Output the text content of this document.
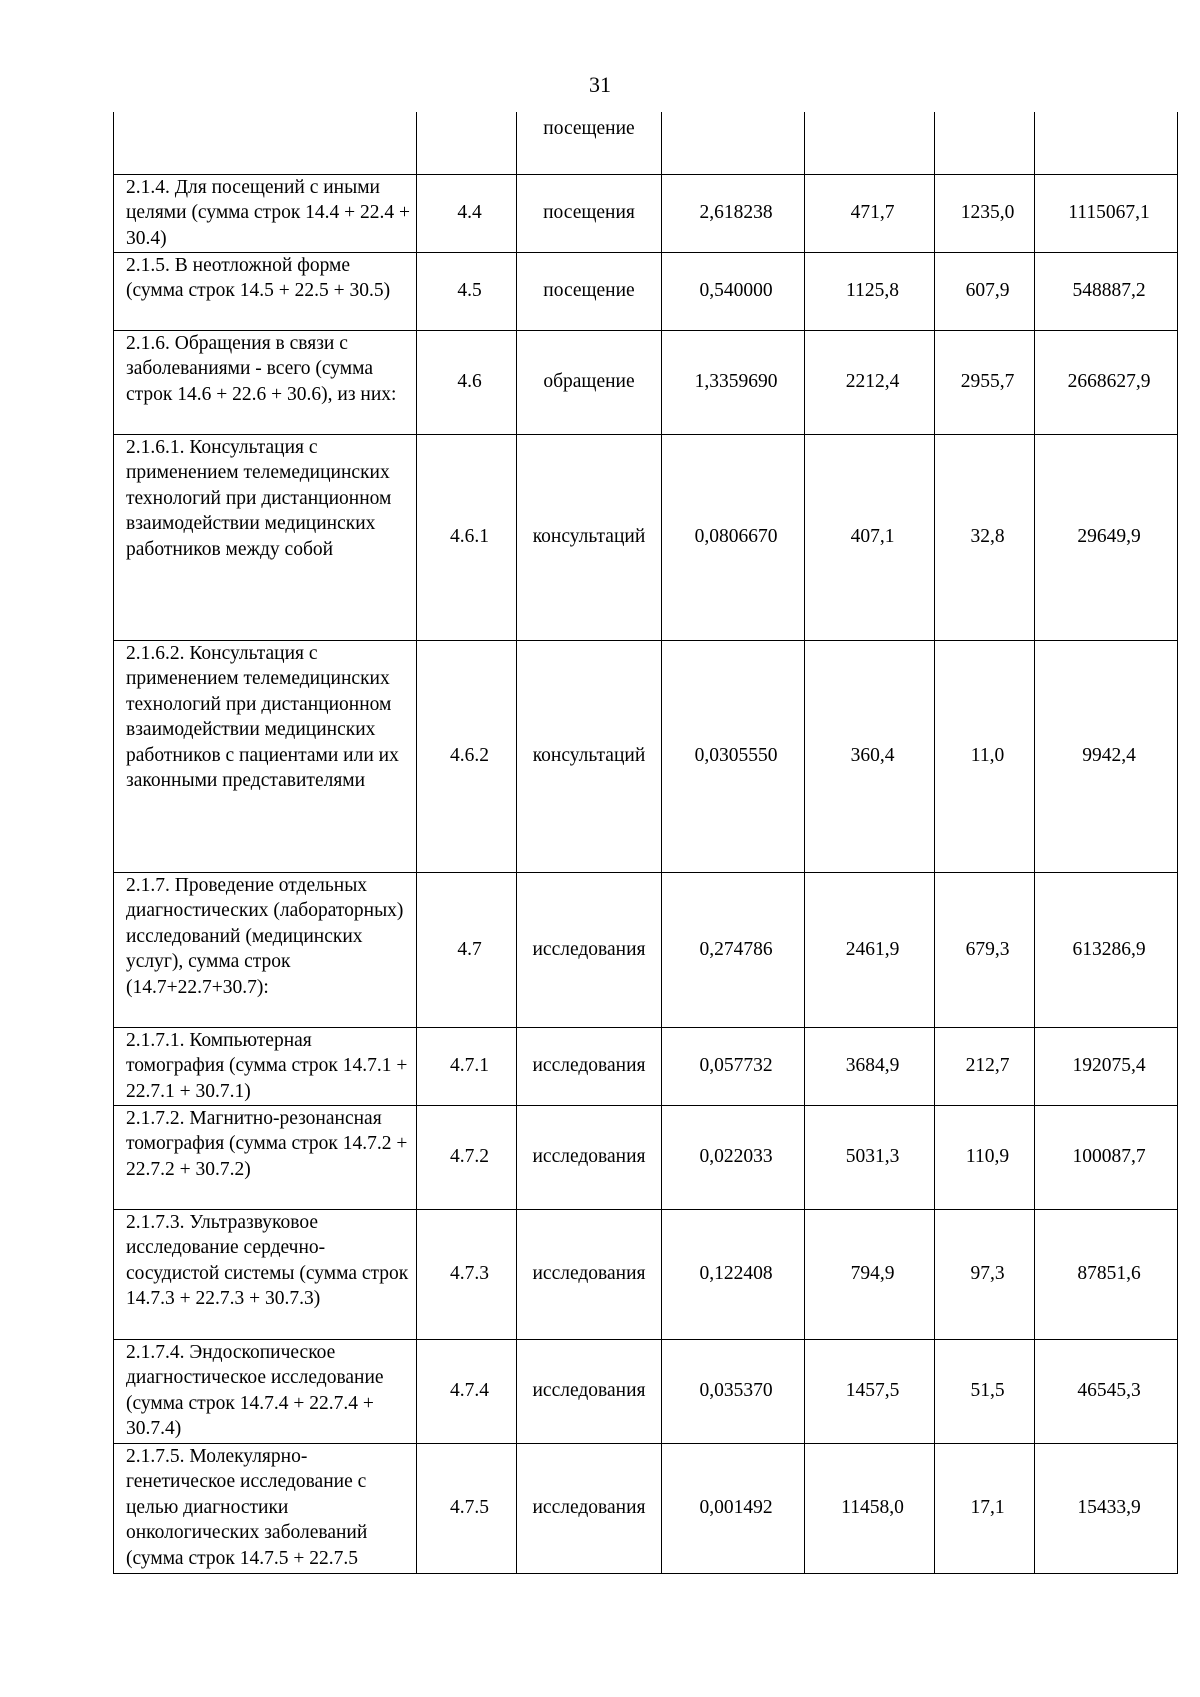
31
		посещение				
2.1.4. Для посещений с иными целями (сумма строк 14.4 + 22.4 + 30.4)	4.4	посещения	2,618238	471,7	1235,0	1115067,1
2.1.5. В неотложной форме (сумма строк 14.5 + 22.5 + 30.5)	4.5	посещение	0,540000	1125,8	607,9	548887,2
2.1.6. Обращения в связи с заболеваниями - всего (сумма строк 14.6 + 22.6 + 30.6), из них:	4.6	обращение	1,3359690	2212,4	2955,7	2668627,9
2.1.6.1. Консультация с применением телемедицинских технологий при дистанционном взаимодействии медицинских работников между собой	4.6.1	консультаций	0,0806670	407,1	32,8	29649,9
2.1.6.2. Консультация с применением телемедицинских технологий при дистанционном взаимодействии медицинских работников с пациентами или их законными представителями	4.6.2	консультаций	0,0305550	360,4	11,0	9942,4
2.1.7. Проведение отдельных диагностических (лабораторных) исследований (медицинских услуг), сумма строк (14.7+22.7+30.7):	4.7	исследования	0,274786	2461,9	679,3	613286,9
2.1.7.1. Компьютерная томография (сумма строк 14.7.1 + 22.7.1 + 30.7.1)	4.7.1	исследования	0,057732	3684,9	212,7	192075,4
2.1.7.2. Магнитно-резонансная томография (сумма строк 14.7.2 + 22.7.2 + 30.7.2)	4.7.2	исследования	0,022033	5031,3	110,9	100087,7
2.1.7.3. Ультразвуковое исследование сердечно-сосудистой системы (сумма строк 14.7.3 + 22.7.3 + 30.7.3)	4.7.3	исследования	0,122408	794,9	97,3	87851,6
2.1.7.4. Эндоскопическое диагностическое исследование (сумма строк 14.7.4 + 22.7.4 + 30.7.4)	4.7.4	исследования	0,035370	1457,5	51,5	46545,3
2.1.7.5. Молекулярно-генетическое исследование с целью диагностики онкологических заболеваний (сумма строк 14.7.5 + 22.7.5	4.7.5	исследования	0,001492	11458,0	17,1	15433,9
